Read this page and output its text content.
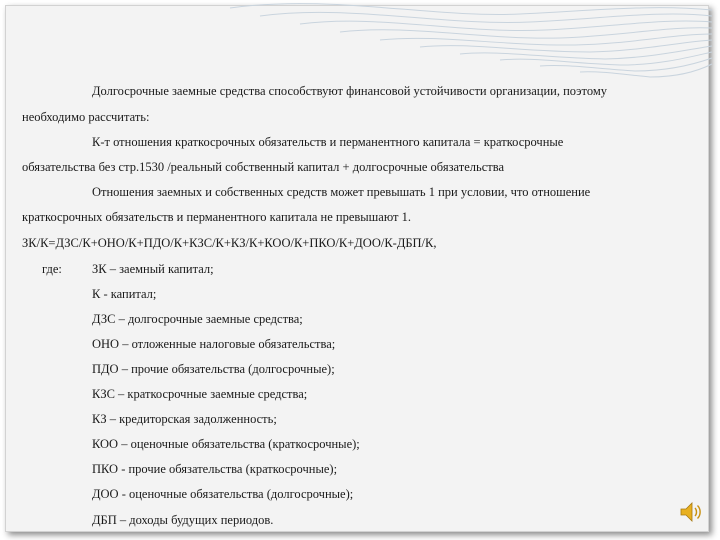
Долгосрочные заемные средства способствуют финансовой устойчивости организации, поэтому
необходимо рассчитать:
К-т отношения краткосрочных обязательств и перманентного капитала = краткосрочные
обязательства без стр.1530 /реальный собственный капитал + долгосрочные обязательства
Отношения заемных и собственных средств может превышать 1 при условии, что отношение
краткосрочных обязательств и перманентного капитала не превышают 1.
ЗК/К=ДЗС/К+ОНО/К+ПДО/К+КЗС/К+КЗ/К+КОО/К+ПКО/К+ДОО/К-ДБП/К,
где: ЗК – заемный капитал;
К - капитал;
ДЗС – долгосрочные заемные средства;
ОНО – отложенные налоговые обязательства;
ПДО – прочие обязательства (долгосрочные);
КЗС – краткосрочные заемные средства;
КЗ – кредиторская задолженность;
КОО – оценочные обязательства (краткосрочные);
ПКО - прочие обязательства (краткосрочные);
ДОО - оценочные обязательства (долгосрочные);
ДБП – доходы будущих периодов.
